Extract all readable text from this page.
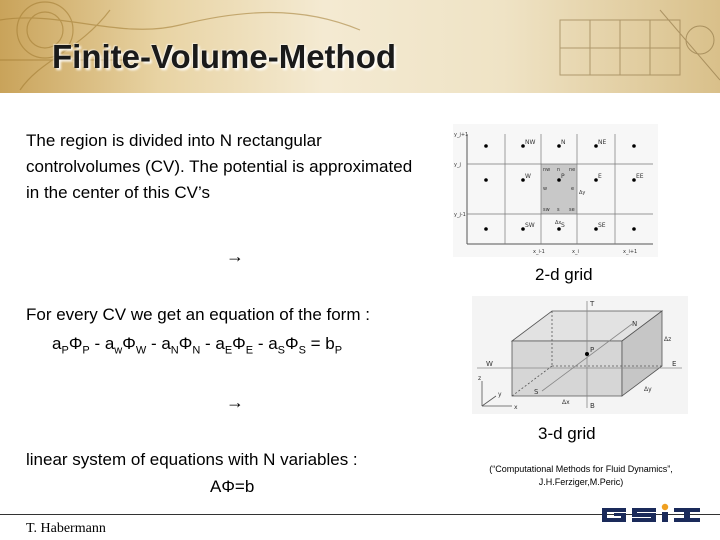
Finite-Volume-Method

The region is divided into N rectangular controlvolumes (CV). The potential is approximated in the center of this CV’s

→

For every CV we get an equation of the form :

$a_P\Phi_P - a_w\Phi_W - a_N\Phi_N - a_E\Phi_E - a_S\Phi_S = b_P$
→

linear system of equations with N variables :

AΦ=b
NW	N	NE
W	P	E	EE
SW	S	SE
nw n ne
w	e
sw s se
y_j+1
y_j
y_j-1
x_i-1	x_i	x_i+1
Δx
Δy
2-d grid
T
N
W
P
E
S
B
Δz
Δy
Δx
x
y
z
3-d grid
(“Computational Methods for Fluid Dynamics”, J.H.Ferziger,M.Peric)
T. Habermann
